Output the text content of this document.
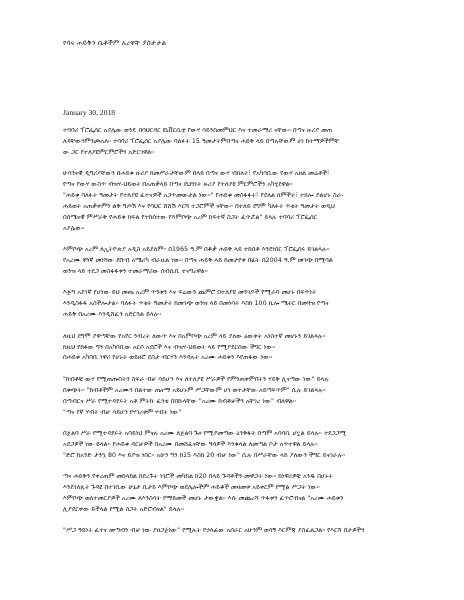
የሳና ሐይቅን ሴቶችም አረዋቸ ያስታታል
January 30, 2018
ተባባሪ ፕሮፌሰር አያሌው ወንዴ በባህርዳር ዩኒቨርሲቲ የውሃ ሳይንስመምህር እና ተመራማሪ ናቸው። በጣና ዙሪያ መጠ
ለዳቸውንምንጮአለ። ተባባሪ ፕሮፌሰር አያሌው ባለፉት 15 ዓመታትምበጣና ሐይቅ ላይ በጣሉቸውም ሀገ ከተማዎችምቸ
ው ጋር የተለያዩምርምሮችን አድርገዋል።
ሁሳንናዊ ዲግሪያቸውን በሐይቁ ዙሪያ ከመሥራታቸውም በላይ በጣና ውሃ ብክለት፣ የአካባቢው የውሃ አዘል መሬቶች፣
የጣና የውሃ ውስጥ ብዝሃ-ህይወት በአጠቃላይ በጣና ደህንነት ዙሪያ የተለያዩ ምርምሮችን አካሂደዋል።
"ሐይቁ ባለፉት ዓመታት የተለያዩ ፈተናዎች አጋጥመውታል ነው።" የሐይቁ መስፋፋት፣ የደለል ክምችት፣ ተክሎ ያልሆኑ ስራ-
ሐይወት አጠቃቀምን ልቅ ግጦሽ እና የባህር ሸሸሽ እርሻ ተጋሮምች ናቸው። በተለይ ደግሞ ካለፉት ጥቂት ዓመታት ወዲህ
በሰሜናዊ ምሥራቅ የሐይቁ ክፍል የተከሰተው የእምቦጭ አረም ከፍተኛ ስጋት ፈጥሯል" ይላሉ ተባባሪ ፕሮፌሰር
አያሌው።
እምቦጭ አረም ለኢትዮጵያ አዲስ አይደለም። በ1965 ዓ.ም በቆቃ ሐይቅ ላይ ተከሰቶ እንደነበር ፕሮፌሰሩ ይገልጻሉ።
የአረሙ ዋነኛ መነሻው ደቡብ አሜሪካ ብራዚል ነው። በጣና ሐይቅ ላይ ከመታየቱ በፊት በ2004 ዓ.ም መገጭ በሚባል
ወንዝ ላይ ተደጋ መስፋፋቱን ተመራማሪው ሰብሲቢ ተናግረዋል።
እጅግ አደገኛ የሆነው ይህ መጤ አረም ጥንቱን እና ፍሬውን ጨምሮ በተለያዩ መንገዶች የሚራባ መሆኑ በፍጥነት
እንዲስፋፋ አስችሎታል። ባለፉት ጥቂት ዓመታት ከመገጭ ወንዝ ላይ በመነሳት እስከ 100 ኪሎ ሜትር በመጓዝ የጣና
ሐይቅ በአረሙ እንዲሸፈን አድርጓል ይላሉ።
ለዚህ ደግሞ ያዋጣቸው የአየር ንብረት ለውጥ እና በአምቦጭ አረም ላይ ያለው ዕውቀት አነስተኛ መሆኑን ይገልጻሉ።
ከዚህ የከፋው ግን በአካባቢው አርሶ አደሮች እና ብዝሃ-ህይወት ላይ የሚያደርሰው ችግር ነው።
በሐይቁ አካባቢ ነዋሪ የሆኑት ወይዘሮ ደስታ ብርሃን እንዳሉት አረሙ ሐይቁን እየጠፋው ነው።
"ከብቶቹ ውሃ የሚጠጡበትን ስፍራ ብቻ ሳይሆን እና ለተለያዩ ሥራዎች የምንጠቀምበትን ሃይቅ ሊናጣው ነው" ይላሉ
በቁጭት። "ከብቶችም አረሙን በልተው ጤናማ አይሆኑም ሥጋቸውም ሆነ ወተታቸው አይጣፍጥም" ሲሉ ይገልጻሉ።
በጣብርና ሥራ የሚተዳደሩት አቶ ምትኩ ፈንቴ በበኩላቸው "አረሙ ከብቶቻችን አቸገረ ነው" ብለዋል።
"ጣና የኛ ሃብት ብቻ ሳይሆን የሃገሪቱም ሃብት ነው"
በጀልባ ሥራ የሚተዳደሩት አባይነህ ምናሉ አረሙ ለጀልባ ጉዞ የሚያመጣው ዕንቅፋት በጣም አሳሳቢ ሆኗል ይላሉ። ተደጋጋሚ
አደጋዎች ነው ይላል። የሐይቁ ዳርቻዎች በአረሙ በመሸፈናቸው ዓሳዎች እንቁላል ለመጣል ቦታ አጥተዋል ይላሉ።
"ድሮ ከአንድ ታንኳ 80 እና ይያዝ ነበር። አሁን ግን ከ15 እስከ 20 ብቻ ነው" ሲሉ በሥራቸው ላይ ያለውን ችግር ይናገራሉ።
ጣና ሐይቅን የቀረጠም መከላከል ከደረጉት ነገሮች መካከል ከ20 በላይ ጉዳቶችን መዋጋት ነው። ከነዋሪዎቹ አንዱ በሆኑት
እንደገለጹት ጉዳዩ በተገቢው ሁኔታ ቢታይ እምቦጭ ወደሌሎችም ሐይቆች መዛመቱ አይቀርም የሚል ሥጋት ነው።
እምቦጭ ወለተመርያዎች አረሙ ለእንስሳት የማይመች መሆኑ ታውቋል። እሱ መጨረሻ ጥፋቱን ፈጥሮብናል "አረሙ ሐይቁን
ሊያደርቀው ይችላል የሚል ስጋት አድሮብናል" ይላሉ።
"ሥጋ ዓይነት ፈተና መጣብን ብቻ ነው ያዘጋጀነው" የሚሉት የኃላፊው አሰራር አሁንም ወሳኝ እርምጃ ያስፈልጋል። የእርሻ በታዎችን
